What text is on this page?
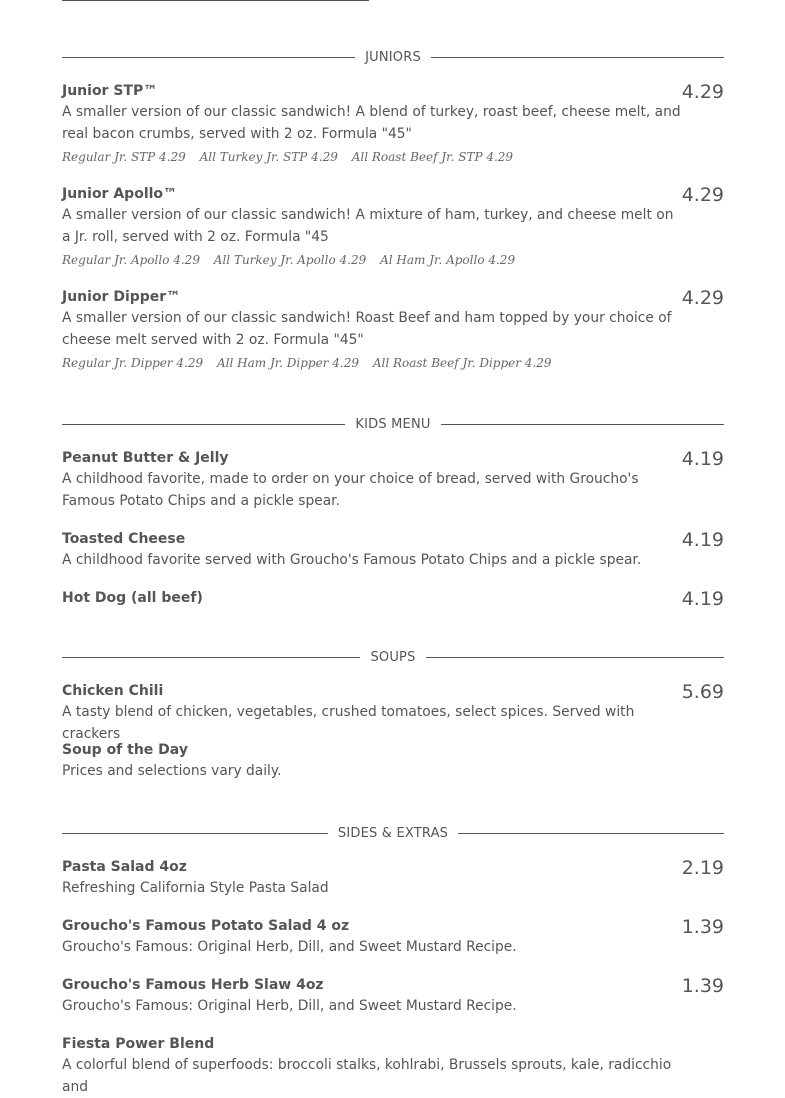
JUNIORS
Junior STP™	4.29
A smaller version of our classic sandwich! A blend of turkey, roast beef, cheese melt, and real bacon crumbs, served with 2 oz. Formula "45"
Regular Jr. STP 4.29 All Turkey Jr. STP 4.29 All Roast Beef Jr. STP 4.29
Junior Apollo™	4.29
A smaller version of our classic sandwich! A mixture of ham, turkey, and cheese melt on a Jr. roll, served with 2 oz. Formula "45
Regular Jr. Apollo 4.29 All Turkey Jr. Apollo 4.29 Al Ham Jr. Apollo 4.29
Junior Dipper™	4.29
A smaller version of our classic sandwich! Roast Beef and ham topped by your choice of cheese melt served with 2 oz. Formula "45"
Regular Jr. Dipper 4.29 All Ham Jr. Dipper 4.29 All Roast Beef Jr. Dipper 4.29
KIDS MENU
Peanut Butter & Jelly	4.19
A childhood favorite, made to order on your choice of bread, served with Groucho's Famous Potato Chips and a pickle spear.
Toasted Cheese	4.19
A childhood favorite served with Groucho's Famous Potato Chips and a pickle spear.
Hot Dog (all beef)	4.19
SOUPS
Chicken Chili	5.69
A tasty blend of chicken, vegetables, crushed tomatoes, select spices. Served with crackers
Soup of the Day
Prices and selections vary daily.
SIDES & EXTRAS
Pasta Salad 4oz	2.19
Refreshing California Style Pasta Salad
Groucho's Famous Potato Salad 4 oz	1.39
Groucho's Famous: Original Herb, Dill, and Sweet Mustard Recipe.
Groucho's Famous Herb Slaw 4oz	1.39
Groucho's Famous: Original Herb, Dill, and Sweet Mustard Recipe.
Fiesta Power Blend
A colorful blend of superfoods: broccoli stalks, kohlrabi, Brussels sprouts, kale, radicchio and
